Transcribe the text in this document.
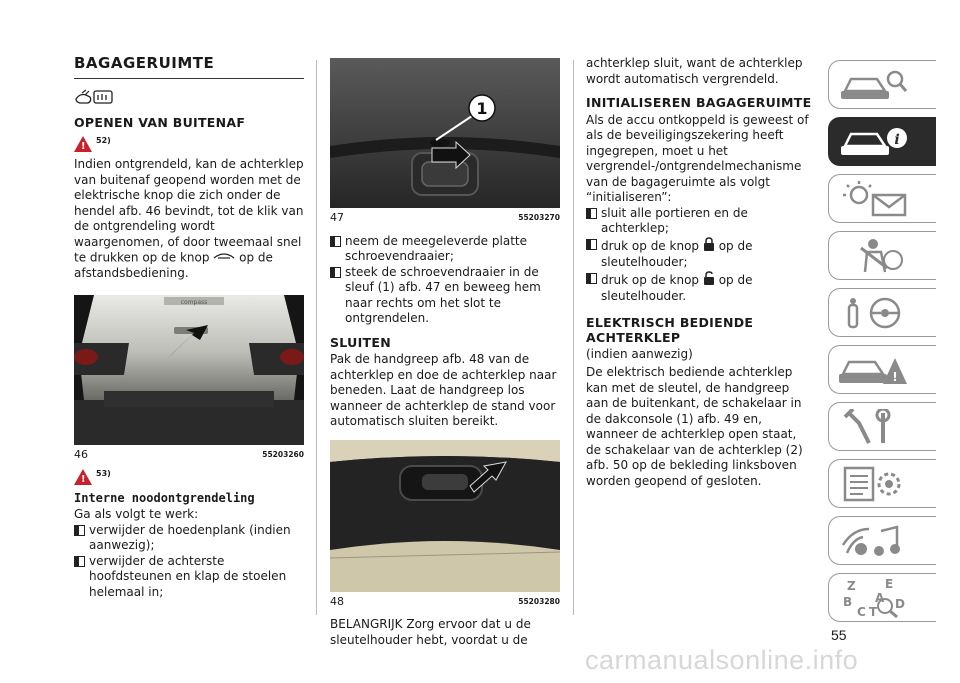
BAGAGERUIMTE
OPENEN VAN BUITENAF
!
52)

Indien ontgrendeld, kan de achterklep van buitenaf geopend worden met de elektrische knop die zich onder de hendel afb. 46 bevindt, tot de klik van de ontgrendeling wordt waargenomen, of door tweemaal snel te drukken op de knop op de afstandsbediening.

compass
46	55203260
!
53)
Interne noodontgrendeling

Ga als volgt te werk:

verwijder de hoedenplank (indien aanwezig);
verwijder de achterste hoofdsteunen en klap de stoelen helemaal in;
1
47	55203270
neem de meegeleverde platte schroevendraaier;
steek de schroevendraaier in de sleuf (1) afb. 47 en beweeg hem naar rechts om het slot te ontgrendelen.
SLUITEN

Pak de handgreep afb. 48 van de achterklep en doe de achterklep naar beneden. Laat de handgreep los wanneer de achterklep de stand voor automatisch sluiten bereikt.

48	55203280

BELANGRIJK Zorg ervoor dat u de sleutelhouder hebt, voordat u de

achterklep sluit, want de achterklep wordt automatisch vergrendeld.

INITIALISEREN BAGAGERUIMTE

Als de accu ontkoppeld is geweest of als de beveiligingszekering heeft ingegrepen, moet u het vergrendel-/ontgrendelmechanisme van de bagageruimte als volgt “initialiseren”:

sluit alle portieren en de achterklep;
druk op de knop op de sleutelhouder;
druk op de knop op de sleutelhouder.
ELEKTRISCH BEDIENDE
ACHTERKLEP

(indien aanwezig)

De elektrisch bediende achterklep kan met de sleutel, de handgreep aan de buitenkant, de schakelaar in de dakconsole (1) afb. 49 en, wanneer de achterklep open staat, de schakelaar van de achterklep (2) afb. 50 op de bekleding linksboven worden geopend of gesloten.

i
!
Z E
B A
C
D
T
55
carmanualsonline.info
